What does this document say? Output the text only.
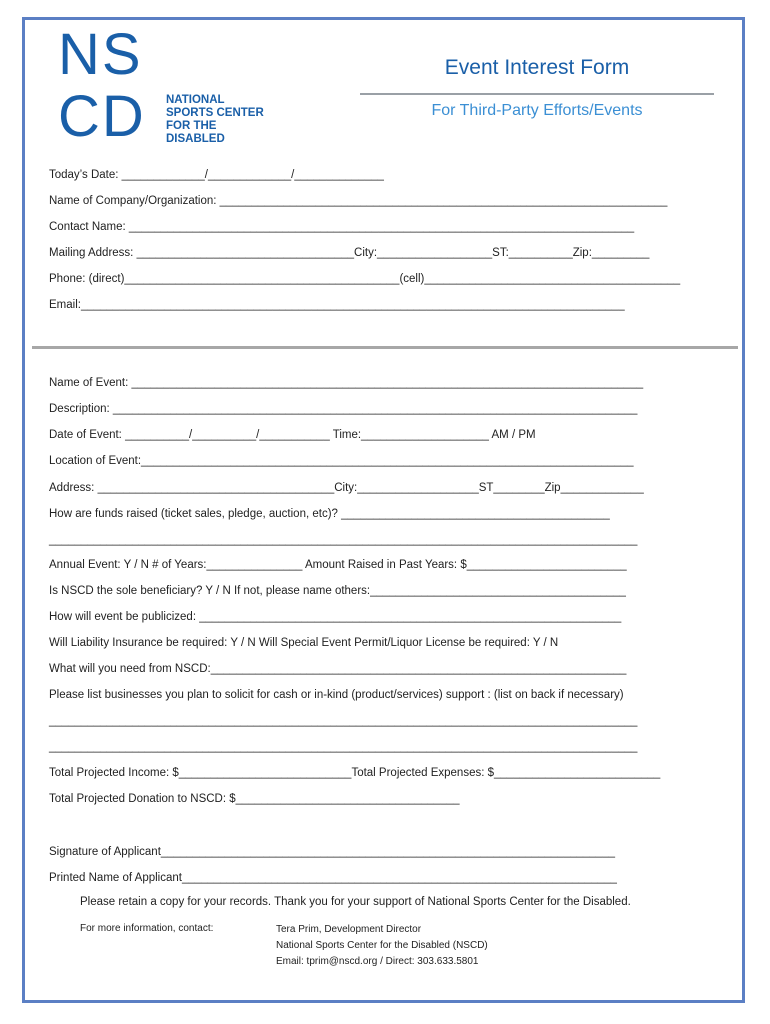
NS
CD	NATIONAL
SPORTS CENTER
FOR THE
DISABLED
Event Interest Form
For Third-Party Efforts/Events
Today’s Date: _____________/_____________/______________
Name of Company/Organization: ______________________________________________________________________
Contact Name: _______________________________________________________________________________
Mailing Address: __________________________________City:__________________ST:__________Zip:_________
Phone: (direct)___________________________________________(cell)________________________________________
Email:_____________________________________________________________________________________
Name of Event: ________________________________________________________________________________
Description: __________________________________________________________________________________
Date of Event: __________/__________/___________ Time:____________________ AM / PM
Location of Event:_____________________________________________________________________________
Address: _____________________________________City:___________________ST________Zip_____________
How are funds raised (ticket sales, pledge, auction, etc)? __________________________________________
____________________________________________________________________________________________
Annual Event: Y / N # of Years:_______________ Amount Raised in Past Years: $_________________________
Is NSCD the sole beneficiary? Y / N If not, please name others:________________________________________
How will event be publicized: __________________________________________________________________
Will Liability Insurance be required: Y / N Will Special Event Permit/Liquor License be required: Y / N
What will you need from NSCD:_________________________________________________________________
Please list businesses you plan to solicit for cash or in-kind (product/services) support : (list on back if necessary)
____________________________________________________________________________________________
____________________________________________________________________________________________
Total Projected Income: $___________________________Total Projected Expenses: $__________________________
Total Projected Donation to NSCD: $___________________________________
Signature of Applicant_______________________________________________________________________
Printed Name of Applicant____________________________________________________________________
Please retain a copy for your records. Thank you for your support of National Sports Center for the Disabled.
For more information, contact:	Tera Prim, Development Director
National Sports Center for the Disabled (NSCD)
Email: tprim@nscd.org / Direct: 303.633.5801
